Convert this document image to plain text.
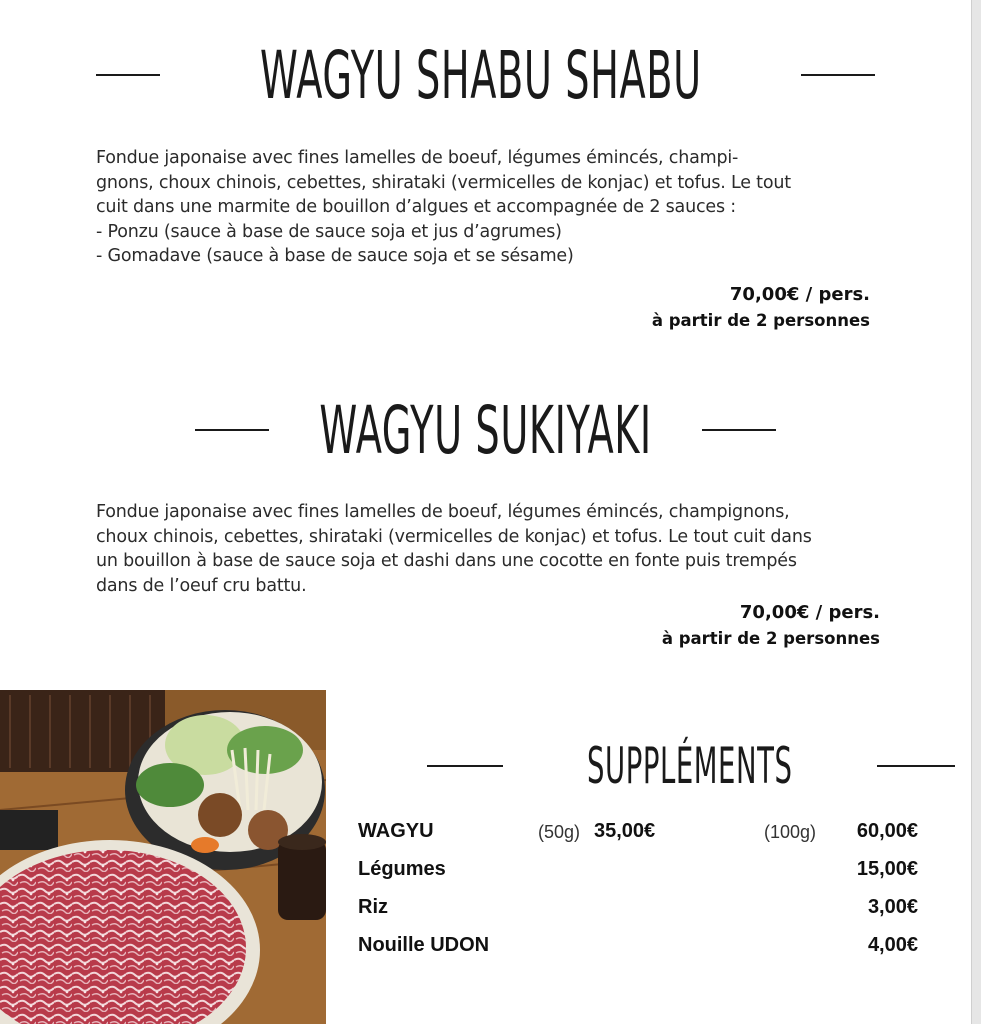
WAGYU SHABU SHABU
Fondue japonaise avec fines lamelles de boeuf, légumes émincés, champi-
gnons, choux chinois, cebettes, shirataki (vermicelles de konjac) et tofus. Le tout
cuit dans une marmite de bouillon d’algues et accompagnée de 2 sauces :
- Ponzu (sauce à base de sauce soja et jus d’agrumes)
- Gomadave (sauce à base de sauce soja et se sésame)
70,00€ / pers.
à partir de 2 personnes
WAGYU SUKIYAKI
Fondue japonaise avec fines lamelles de boeuf, légumes émincés, champignons,
choux chinois, cebettes, shirataki (vermicelles de konjac) et tofus. Le tout cuit dans
un bouillon à base de sauce soja et dashi dans une cocotte en fonte puis trempés
dans de l’oeuf cru battu.
70,00€ / pers.
à partir de 2 personnes
SUPPLÉMENTS
WAGYU	(50g) 35,00€	(100g) 60,00€
Légumes	15,00€
Riz	3,00€
Nouille UDON	4,00€
